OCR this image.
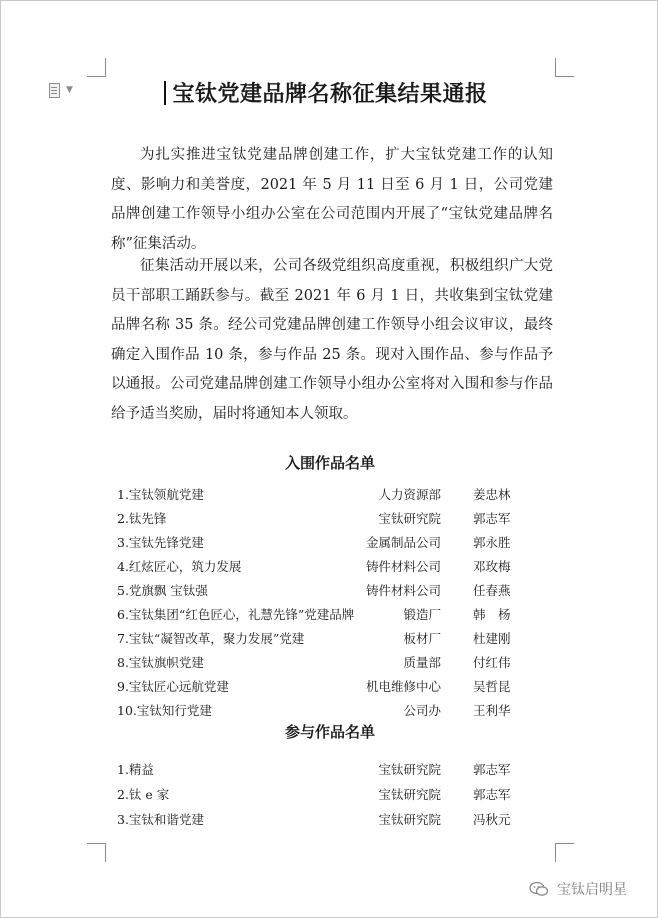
▼	宝钛党建品牌名称征集结果通报

为扎实推进宝钛党建品牌创建工作，扩大宝钛党建工作的认知度、影响力和美誉度，2021 年 5 月 11 日至 6 月 1 日，公司党建品牌创建工作领导小组办公室在公司范围内开展了“宝钛党建品牌名称”征集活动。

征集活动开展以来，公司各级党组织高度重视，积极组织广大党员干部职工踊跃参与。截至 2021 年 6 月 1 日，共收集到宝钛党建品牌名称 35 条。经公司党建品牌创建工作领导小组会议审议，最终确定入围作品 10 条，参与作品 25 条。现对入围作品、参与作品予以通报。公司党建品牌创建工作领导小组办公室将对入围和参与作品给予适当奖励，届时将通知本人领取。

入围作品名单
1.宝钛领航党建	人力资源部	姜忠林
2.钛先锋	宝钛研究院	郭志军
3.宝钛先锋党建	金属制品公司	郭永胜
4.红炫匠心，筑力发展	铸件材料公司	邓玫梅
5.党旗飘 宝钛强	铸件材料公司	任春燕
6.宝钛集团“红色匠心，礼慧先锋”党建品牌	锻造厂	韩　杨
7.宝钛“凝智改革，聚力发展”党建	板材厂	杜建刚
8.宝钛旗帜党建	质量部	付红伟
9.宝钛匠心远航党建	机电维修中心	吴哲昆
10.宝钛知行党建	公司办	王利华
参与作品名单
1.精益	宝钛研究院	郭志军
2.钛 e 家	宝钛研究院	郭志军
3.宝钛和谐党建	宝钛研究院	冯秋元
宝钛启明星
